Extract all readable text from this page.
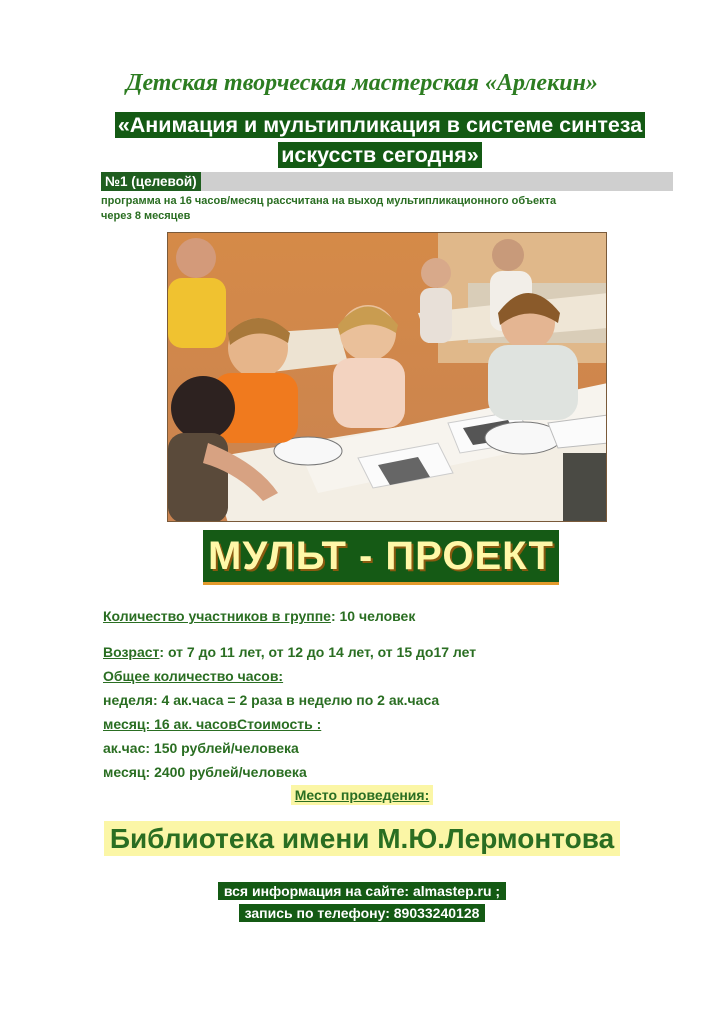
Детская творческая мастерская «Арлекин»
«Анимация и мультипликация в системе синтеза искусств сегодня»
№1 (целевой)
программа на 16 часов/месяц рассчитана на выход мультипликационного объекта
через 8 месяцев
МУЛЬТ - ПРОЕКТ
Количество участников в группе: 10 человек
Возраст: от 7 до 11 лет, от 12 до 14 лет, от 15 до17 лет
Общее количество часов:
неделя: 4 ак.часа = 2 раза в неделю по 2 ак.часа
месяц: 16 ак. часовСтоимость :
ак.час: 150 рублей/человека
месяц: 2400 рублей/человека
Место проведения:
Библиотека имени М.Ю.Лермонтова
вся информация на сайте: almastep.ru ;
запись по телефону: 89033240128
